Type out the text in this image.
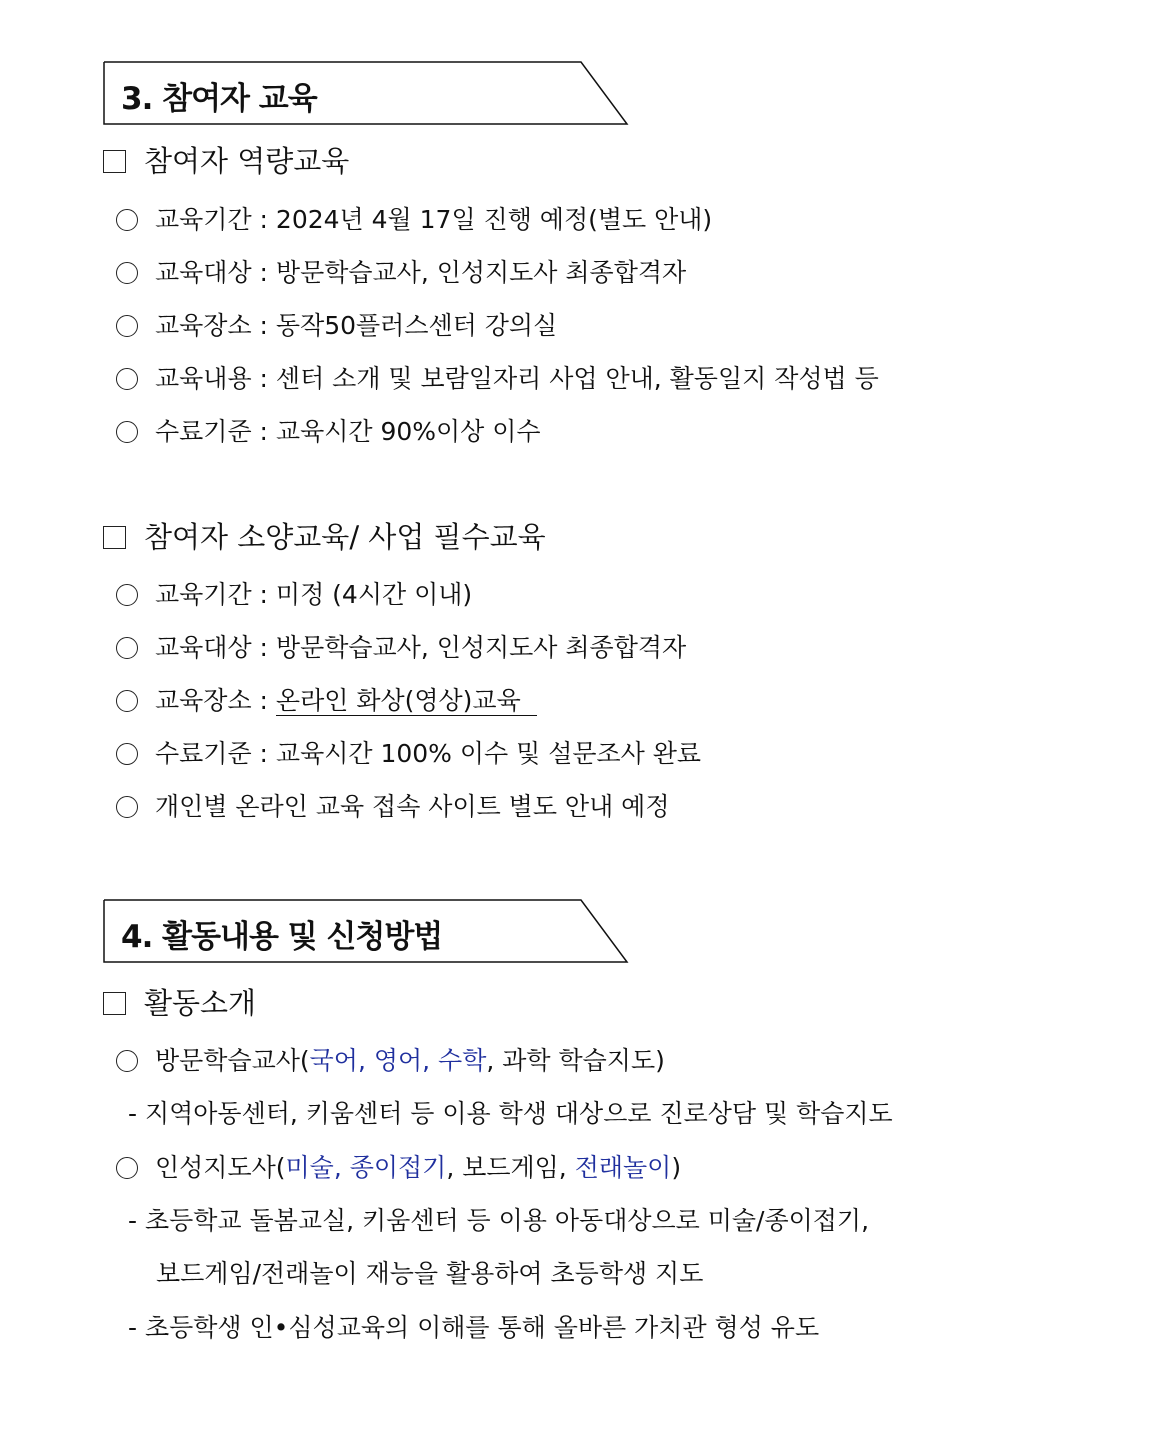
3. 참여자 교육
참여자 역량교육
교육기간 : 2024년 4월 17일 진행 예정(별도 안내)
교육대상 : 방문학습교사, 인성지도사 최종합격자
교육장소 : 동작50플러스센터 강의실
교육내용 : 센터 소개 및 보람일자리 사업 안내, 활동일지 작성법 등
수료기준 : 교육시간 90%이상 이수
참여자 소양교육/ 사업 필수교육
교육기간 : 미정 (4시간 이내)
교육대상 : 방문학습교사, 인성지도사 최종합격자
교육장소 : 온라인 화상(영상)교육
수료기준 : 교육시간 100% 이수 및 설문조사 완료
개인별 온라인 교육 접속 사이트 별도 안내 예정
4. 활동내용 및 신청방법
활동소개
방문학습교사(국어, 영어, 수학, 과학 학습지도)
- 지역아동센터, 키움센터 등 이용 학생 대상으로 진로상담 및 학습지도
인성지도사(미술, 종이접기, 보드게임, 전래놀이)
- 초등학교 돌봄교실, 키움센터 등 이용 아동대상으로 미술/종이접기,
보드게임/전래놀이 재능을 활용하여 초등학생 지도
- 초등학생 인•심성교육의 이해를 통해 올바른 가치관 형성 유도
